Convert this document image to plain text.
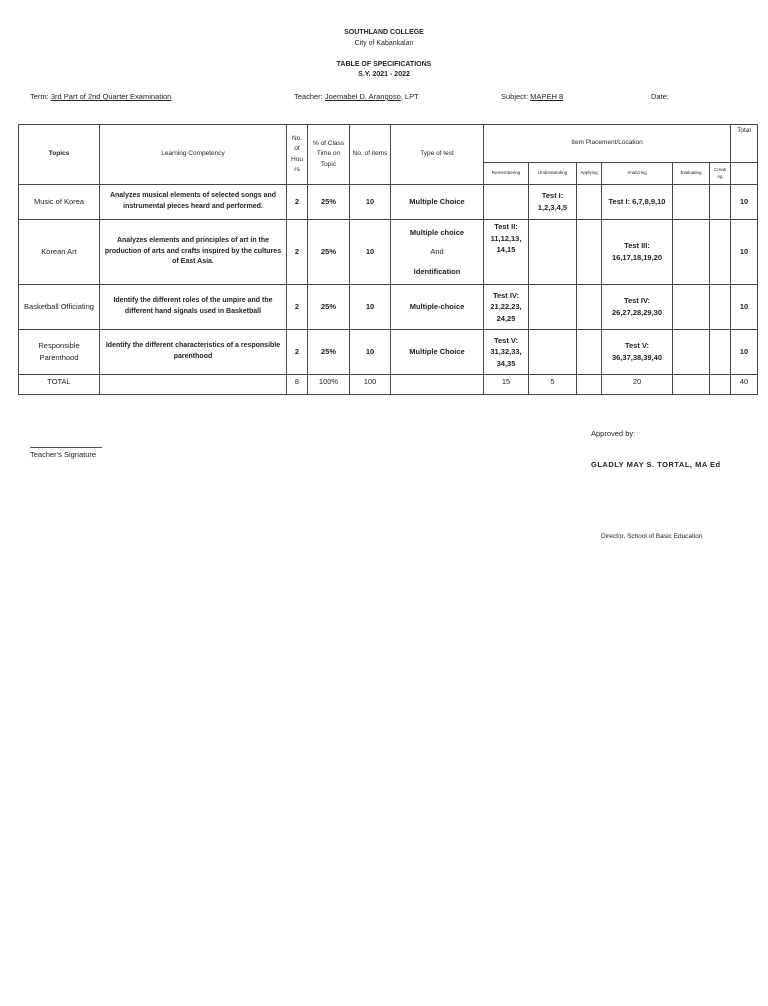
SOUTHLAND COLLEGE
City of Kabankalan
TABLE OF SPECIFICATIONS
S.Y. 2021 - 2022
Term: 3rd Part of 2nd Quarter Examination	Teacher: Joemabel D. Arangoso, LPT	Subject: MAPEH 8	Date:
Topics	Learning Competency	No. of Hou rs	% of Class Time on Topic	No. of items	Type of test	Item Placement/Location						Total
						Remembering	Understanding	Applying	Analyzing	Evaluating	Creati ng	
Music of Korea	Analyzes musical elements of selected songs and instrumental pieces heard and performed.	2	25%	10	Multiple Choice		Test I: 1,2,3,4,5		Test I: 6,7,8,9,10			10
Korean Art	Analyzes elements and principles of art in the production of arts and crafts inspired by the cultures of East Asia.	2	25%	10	Multiple choice
And
Identification	Test II: 11,12,13, 14,15			Test III: 16,17,18,19,20			10
Basketball Officiating	Identify the different roles of the umpire and the different hand signals used in Basketball	2	25%	10	Multiple-choice	Test IV: 21,22,23, 24,25			Test IV: 26,27,28,29,30			10
Responsible Parenthood	Identify the different characteristics of a responsible parenthood	2	25%	10	Multiple Choice	Test V: 31,32,33, 34,35			Test V: 36,37,38,39,40			10
TOTAL		8	100%	100		15	5		20			40
Teacher's Signature
Approved by:
GLADLY MAY S. TORTAL, MA Ed
Director, School of Basic Education
